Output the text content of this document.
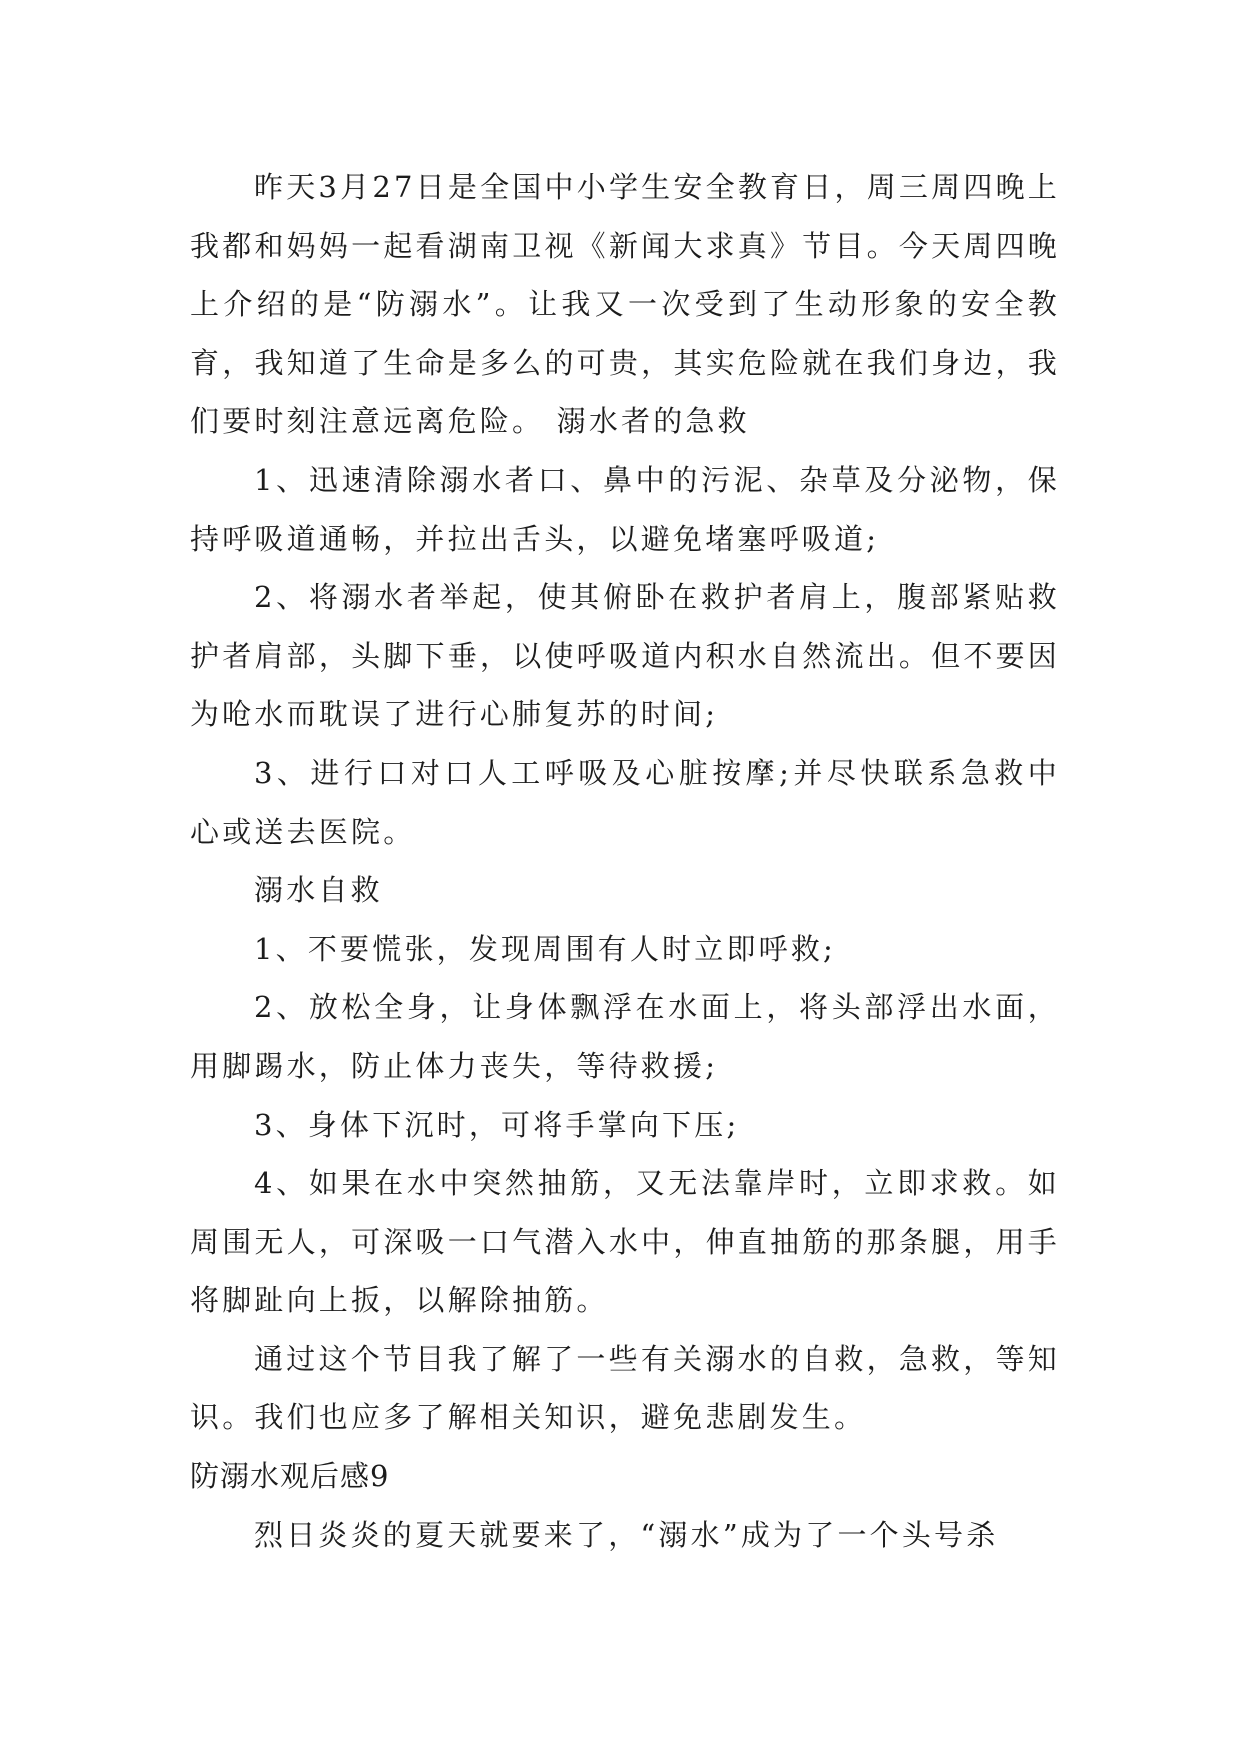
昨天3月27日是全国中小学生安全教育日，周三周四晚上我都和妈妈一起看湖南卫视《新闻大求真》节目。今天周四晚上介绍的是“防溺水”。让我又一次受到了生动形象的安全教育，我知道了生命是多么的可贵，其实危险就在我们身边，我们要时刻注意远离危险。 溺水者的急救

1、迅速清除溺水者口、鼻中的污泥、杂草及分泌物，保持呼吸道通畅，并拉出舌头，以避免堵塞呼吸道;

2、将溺水者举起，使其俯卧在救护者肩上，腹部紧贴救护者肩部，头脚下垂，以使呼吸道内积水自然流出。但不要因为呛水而耽误了进行心肺复苏的时间;

3、进行口对口人工呼吸及心脏按摩;并尽快联系急救中心或送去医院。

溺水自救

1、不要慌张，发现周围有人时立即呼救;

2、放松全身，让身体飘浮在水面上，将头部浮出水面，用脚踢水，防止体力丧失，等待救援;

3、身体下沉时，可将手掌向下压;

4、如果在水中突然抽筋，又无法靠岸时，立即求救。如周围无人，可深吸一口气潜入水中，伸直抽筋的那条腿，用手将脚趾向上扳，以解除抽筋。

通过这个节目我了解了一些有关溺水的自救，急救，等知识。我们也应多了解相关知识，避免悲剧发生。

防溺水观后感9

烈日炎炎的夏天就要来了，“溺水”成为了一个头号杀
